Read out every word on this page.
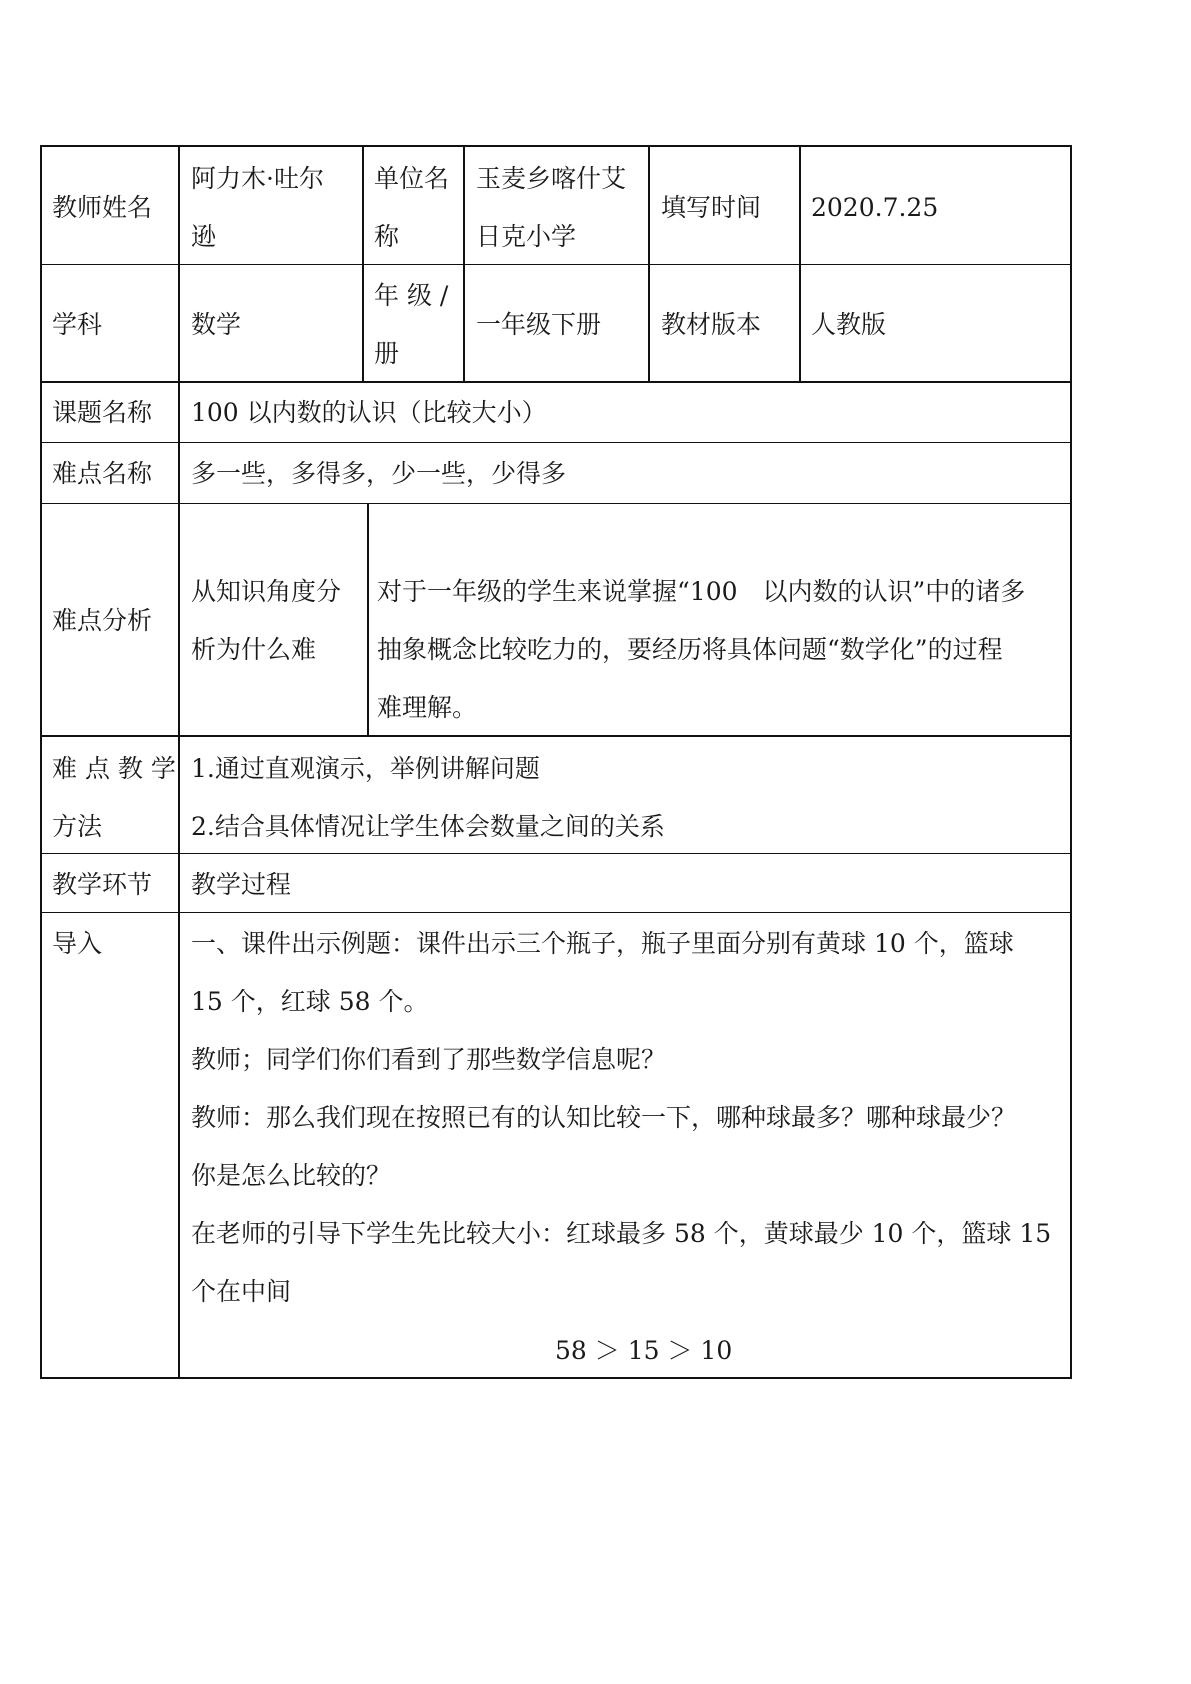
教师姓名
阿力木·吐尔
逊
单位名
称
玉麦乡喀什艾
日克小学
填写时间 2020.7.25
学科	数学
年 级 /
册
一年级下册 教材版本 人教版
课题名称 100 以内数的认识（比较大小）
难点名称 多一些，多得多，少一些，少得多
难点分析
从知识角度分
析为什么难
对于一年级的学生来说掌握“100　以内数的认识”中的诸多
抽象概念比较吃力的，要经历将具体问题“数学化”的过程
难理解。
难 点 教 学
方法
1.通过直观演示，举例讲解问题
2.结合具体情况让学生体会数量之间的关系
教学环节 教学过程
导入	一、课件出示例题：课件出示三个瓶子，瓶子里面分别有黄球 10 个，篮球
15 个，红球 58 个。
教师；同学们你们看到了那些数学信息呢？
教师：那么我们现在按照已有的认知比较一下，哪种球最多？哪种球最少？
你是怎么比较的？
在老师的引导下学生先比较大小：红球最多 58 个，黄球最少 10 个，篮球 15
个在中间
58 ＞ 15 ＞ 10
